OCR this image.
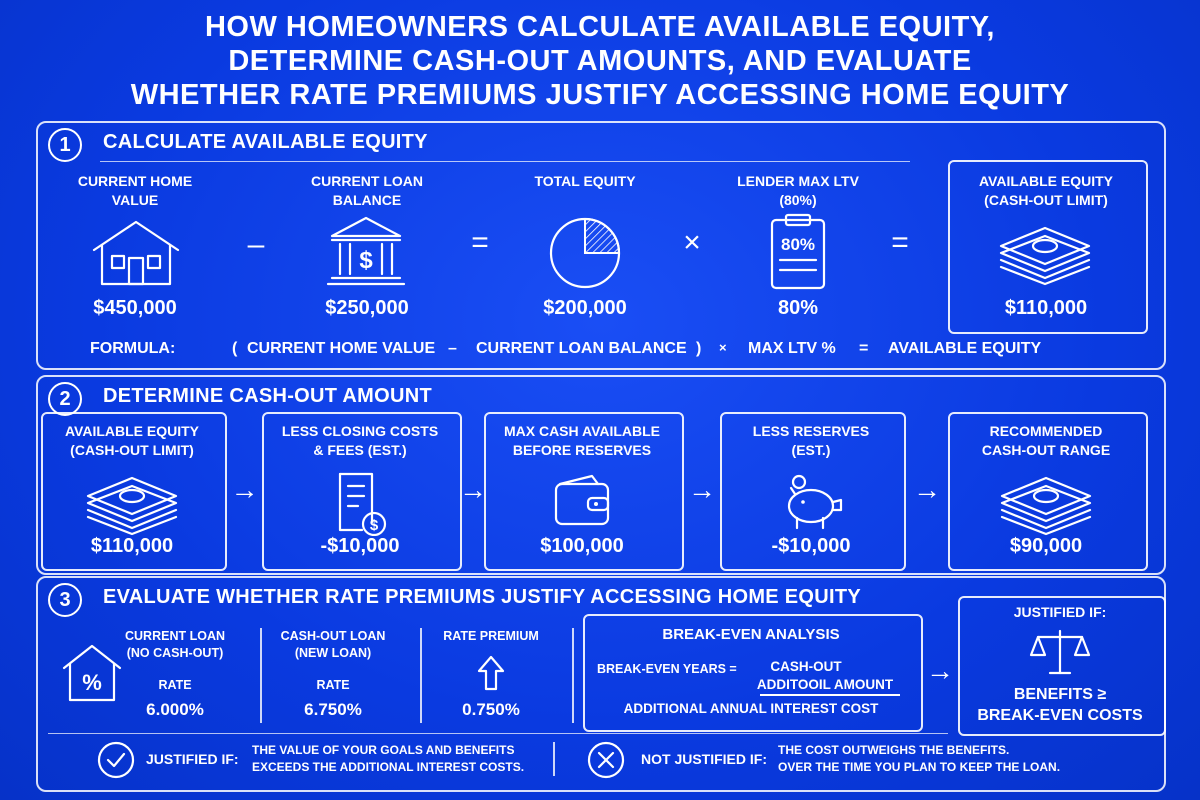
HOW HOMEOWNERS CALCULATE AVAILABLE EQUITY,
DETERMINE CASH-OUT AMOUNTS, AND EVALUATE
WHETHER RATE PREMIUMS JUSTIFY ACCESSING HOME EQUITY
1	CALCULATE AVAILABLE EQUITY
CURRENT HOME
VALUE
$450,000
–
CURRENT LOAN
BALANCE
$
$250,000
=
TOTAL EQUITY
$200,000
×
LENDER MAX LTV
(80%)
80%
80%
=
AVAILABLE EQUITY
(CASH-OUT LIMIT)
$110,000
FORMULA:	( CURRENT HOME VALUE – CURRENT LOAN BALANCE ) × MAX LTV % = AVAILABLE EQUITY
2	DETERMINE CASH-OUT AMOUNT
AVAILABLE EQUITY
(CASH-OUT LIMIT)
$110,000
→
LESS CLOSING COSTS
& FEES (EST.)
$
-$10,000
→
MAX CASH AVAILABLE
BEFORE RESERVES
$100,000
→
LESS RESERVES
(EST.)
-$10,000
→
RECOMMENDED
CASH-OUT RANGE
$90,000
3	EVALUATE WHETHER RATE PREMIUMS JUSTIFY ACCESSING HOME EQUITY
%
CURRENT LOAN
(NO CASH-OUT)
RATE
6.000%
CASH-OUT LOAN
(NEW LOAN)
RATE
6.750%
RATE PREMIUM
0.750%
BREAK-EVEN ANALYSIS
BREAK-EVEN YEARS =	CASH-OUT
ADDITOOIL AMOUNT
ADDITIONAL ANNUAL INTEREST COST
→
JUSTIFIED IF:
BENEFITS ≥
BREAK-EVEN COSTS
JUSTIFIED IF:
THE VALUE OF YOUR GOALS AND BENEFITS
EXCEEDS THE ADDITIONAL INTEREST COSTS.	NOT JUSTIFIED IF:
THE COST OUTWEIGHS THE BENEFITS.
OVER THE TIME YOU PLAN TO KEEP THE LOAN.
